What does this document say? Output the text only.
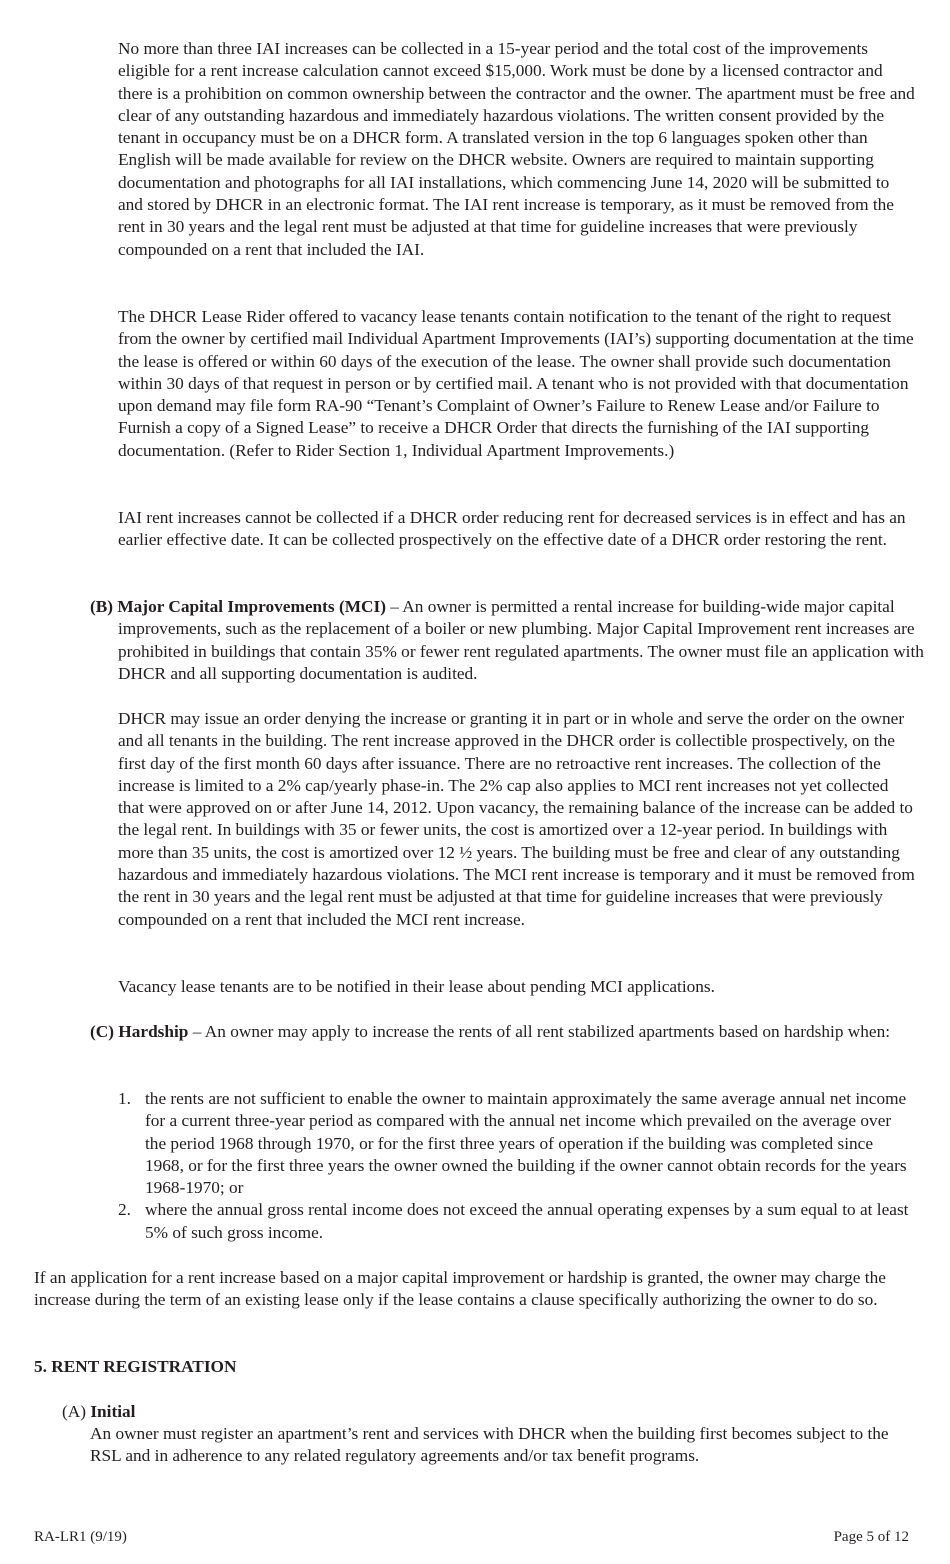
No more than three IAI increases can be collected in a 15-year period and the total cost of the improvements eligible for a rent increase calculation cannot exceed $15,000. Work must be done by a licensed contractor and there is a prohibition on common ownership between the contractor and the owner. The apartment must be free and clear of any outstanding hazardous and immediately hazardous violations. The written consent provided by the tenant in occupancy must be on a DHCR form. A translated version in the top 6 languages spoken other than English will be made available for review on the DHCR website. Owners are required to maintain supporting documentation and photographs for all IAI installations, which commencing June 14, 2020 will be submitted to and stored by DHCR in an electronic format. The IAI rent increase is temporary, as it must be removed from the rent in 30 years and the legal rent must be adjusted at that time for guideline increases that were previously compounded on a rent that included the IAI.

The DHCR Lease Rider offered to vacancy lease tenants contain notification to the tenant of the right to request from the owner by certified mail Individual Apartment Improvements (IAI’s) supporting documentation at the time the lease is offered or within 60 days of the execution of the lease. The owner shall provide such documentation within 30 days of that request in person or by certified mail. A tenant who is not provided with that documentation upon demand may file form RA-90 “Tenant’s Complaint of Owner’s Failure to Renew Lease and/or Failure to Furnish a copy of a Signed Lease” to receive a DHCR Order that directs the furnishing of the IAI supporting documentation. (Refer to Rider Section 1, Individual Apartment Improvements.)

IAI rent increases cannot be collected if a DHCR order reducing rent for decreased services is in effect and has an earlier effective date. It can be collected prospectively on the effective date of a DHCR order restoring the rent.

(B) Major Capital Improvements (MCI) – An owner is permitted a rental increase for building-wide major capital improvements, such as the replacement of a boiler or new plumbing. Major Capital Improvement rent increases are prohibited in buildings that contain 35% or fewer rent regulated apartments. The owner must file an application with DHCR and all supporting documentation is audited.

DHCR may issue an order denying the increase or granting it in part or in whole and serve the order on the owner and all tenants in the building. The rent increase approved in the DHCR order is collectible prospectively, on the first day of the first month 60 days after issuance. There are no retroactive rent increases. The collection of the increase is limited to a 2% cap/yearly phase-in. The 2% cap also applies to MCI rent increases not yet collected that were approved on or after June 14, 2012. Upon vacancy, the remaining balance of the increase can be added to the legal rent. In buildings with 35 or fewer units, the cost is amortized over a 12-year period. In buildings with more than 35 units, the cost is amortized over 12 ½ years. The building must be free and clear of any outstanding hazardous and immediately hazardous violations. The MCI rent increase is temporary and it must be removed from the rent in 30 years and the legal rent must be adjusted at that time for guideline increases that were previously compounded on a rent that included the MCI rent increase.

Vacancy lease tenants are to be notified in their lease about pending MCI applications.

(C) Hardship – An owner may apply to increase the rents of all rent stabilized apartments based on hardship when:

1. the rents are not sufficient to enable the owner to maintain approximately the same average annual net income for a current three-year period as compared with the annual net income which prevailed on the average over the period 1968 through 1970, or for the first three years of operation if the building was completed since 1968, or for the first three years the owner owned the building if the owner cannot obtain records for the years 1968-1970; or
2. where the annual gross rental income does not exceed the annual operating expenses by a sum equal to at least 5% of such gross income.

If an application for a rent increase based on a major capital improvement or hardship is granted, the owner may charge the increase during the term of an existing lease only if the lease contains a clause specifically authorizing the owner to do so.

5. RENT REGISTRATION

(A) Initial

An owner must register an apartment’s rent and services with DHCR when the building first becomes subject to the RSL and in adherence to any related regulatory agreements and/or tax benefit programs.

RA-LR1 (9/19)	Page 5 of 12
